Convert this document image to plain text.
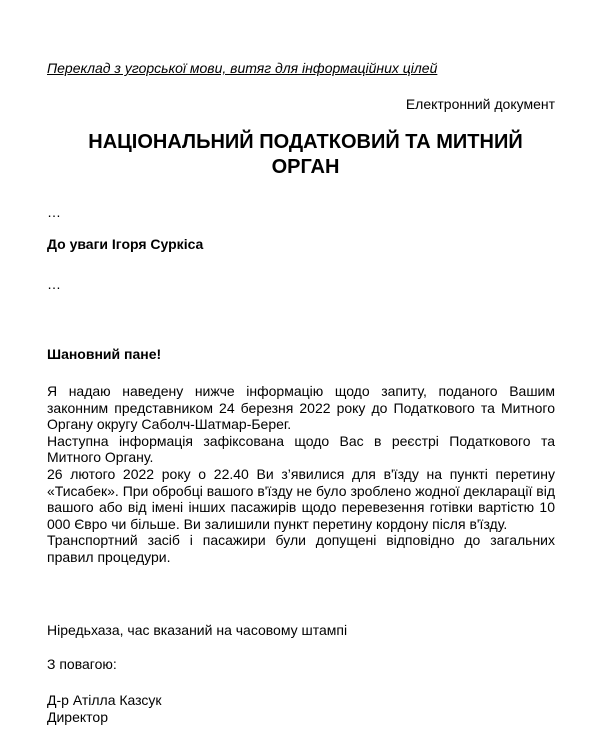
Переклад з угорської мови, витяг для інформаційних цілей
Електронний документ
НАЦІОНАЛЬНИЙ ПОДАТКОВИЙ ТА МИТНИЙ
ОРГАН
…
До уваги Ігоря Суркіса
…
Шановний пане!

Я надаю наведену нижче інформацію щодо запиту, поданого Вашим законним представником 24 березня 2022 року до Податкового та Митного Органу округу Саболч-Шатмар-Берег.

Наступна інформація зафіксована щодо Вас в реєстрі Податкового та Митного Органу.

26 лютого 2022 року о 22.40 Ви з’явилися для в'їзду на пункті перетину «Тисабек». При обробці вашого в'їзду не було зроблено жодної декларації від вашого або від імені інших пасажирів щодо перевезення готівки вартістю 10 000 Євро чи більше. Ви залишили пункт перетину кордону після в'їзду.

Транспортний засіб і пасажири були допущені відповідно до загальних правил процедури.

Ніредьхаза, час вказаний на часовому штампі
З повагою:
Д-р Атілла Казсук
Директор
